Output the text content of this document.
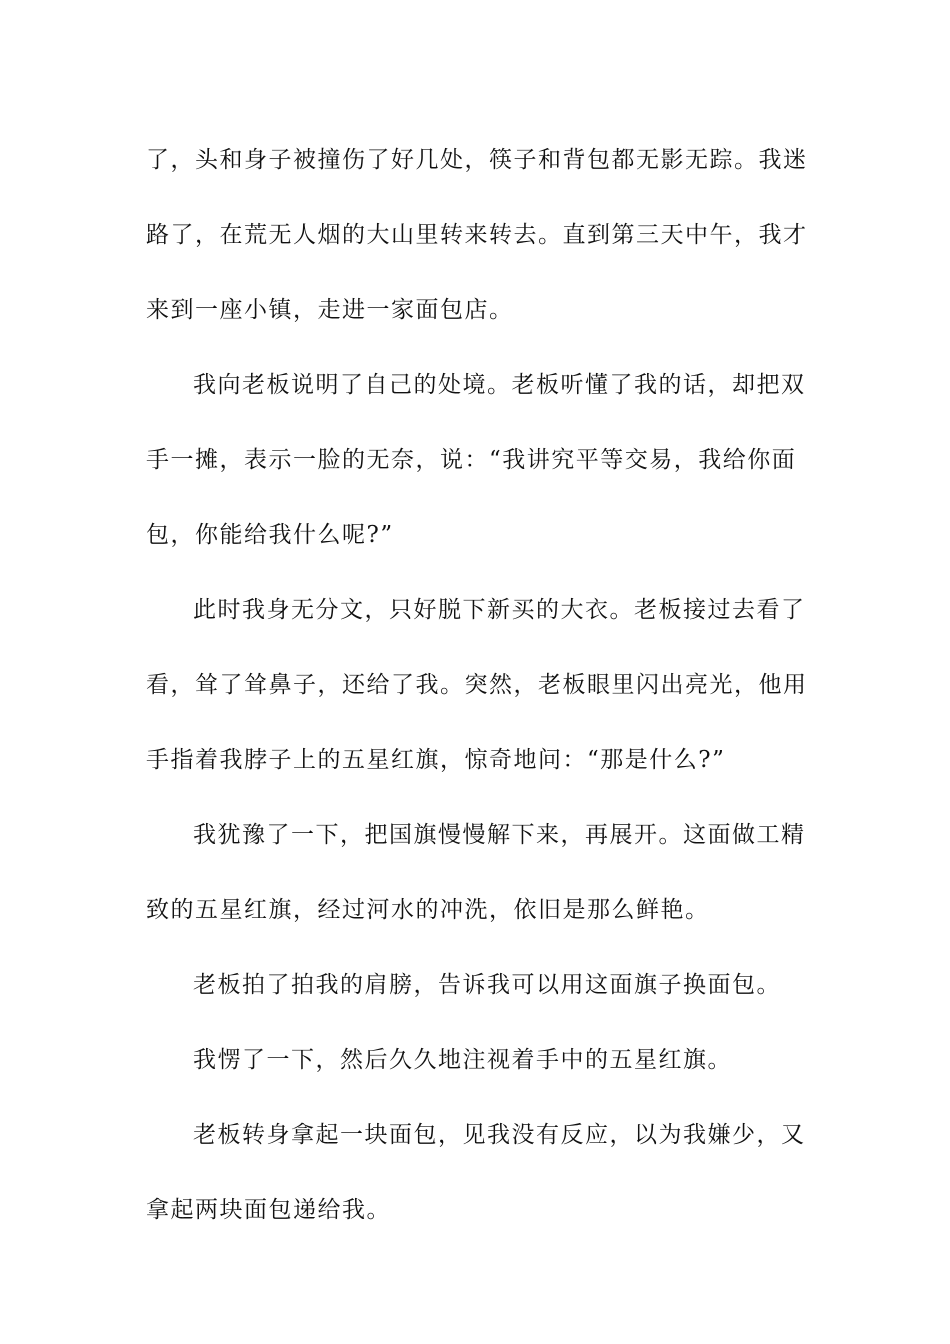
了，头和身子被撞伤了好几处，筷子和背包都无影无踪。我迷
路了，在荒无人烟的大山里转来转去。直到第三天中午，我才
来到一座小镇，走进一家面包店。
我向老板说明了自己的处境。老板听懂了我的话，却把双
手一摊，表示一脸的无奈，说：“我讲究平等交易，我给你面
包，你能给我什么呢?”
此时我身无分文，只好脱下新买的大衣。老板接过去看了
看，耸了耸鼻子，还给了我。突然，老板眼里闪出亮光，他用
手指着我脖子上的五星红旗，惊奇地问：“那是什么?”
我犹豫了一下，把国旗慢慢解下来，再展开。这面做工精
致的五星红旗，经过河水的冲洗，依旧是那么鲜艳。
老板拍了拍我的肩膀，告诉我可以用这面旗子换面包。
我愣了一下，然后久久地注视着手中的五星红旗。
老板转身拿起一块面包，见我没有反应，以为我嫌少，又
拿起两块面包递给我。
